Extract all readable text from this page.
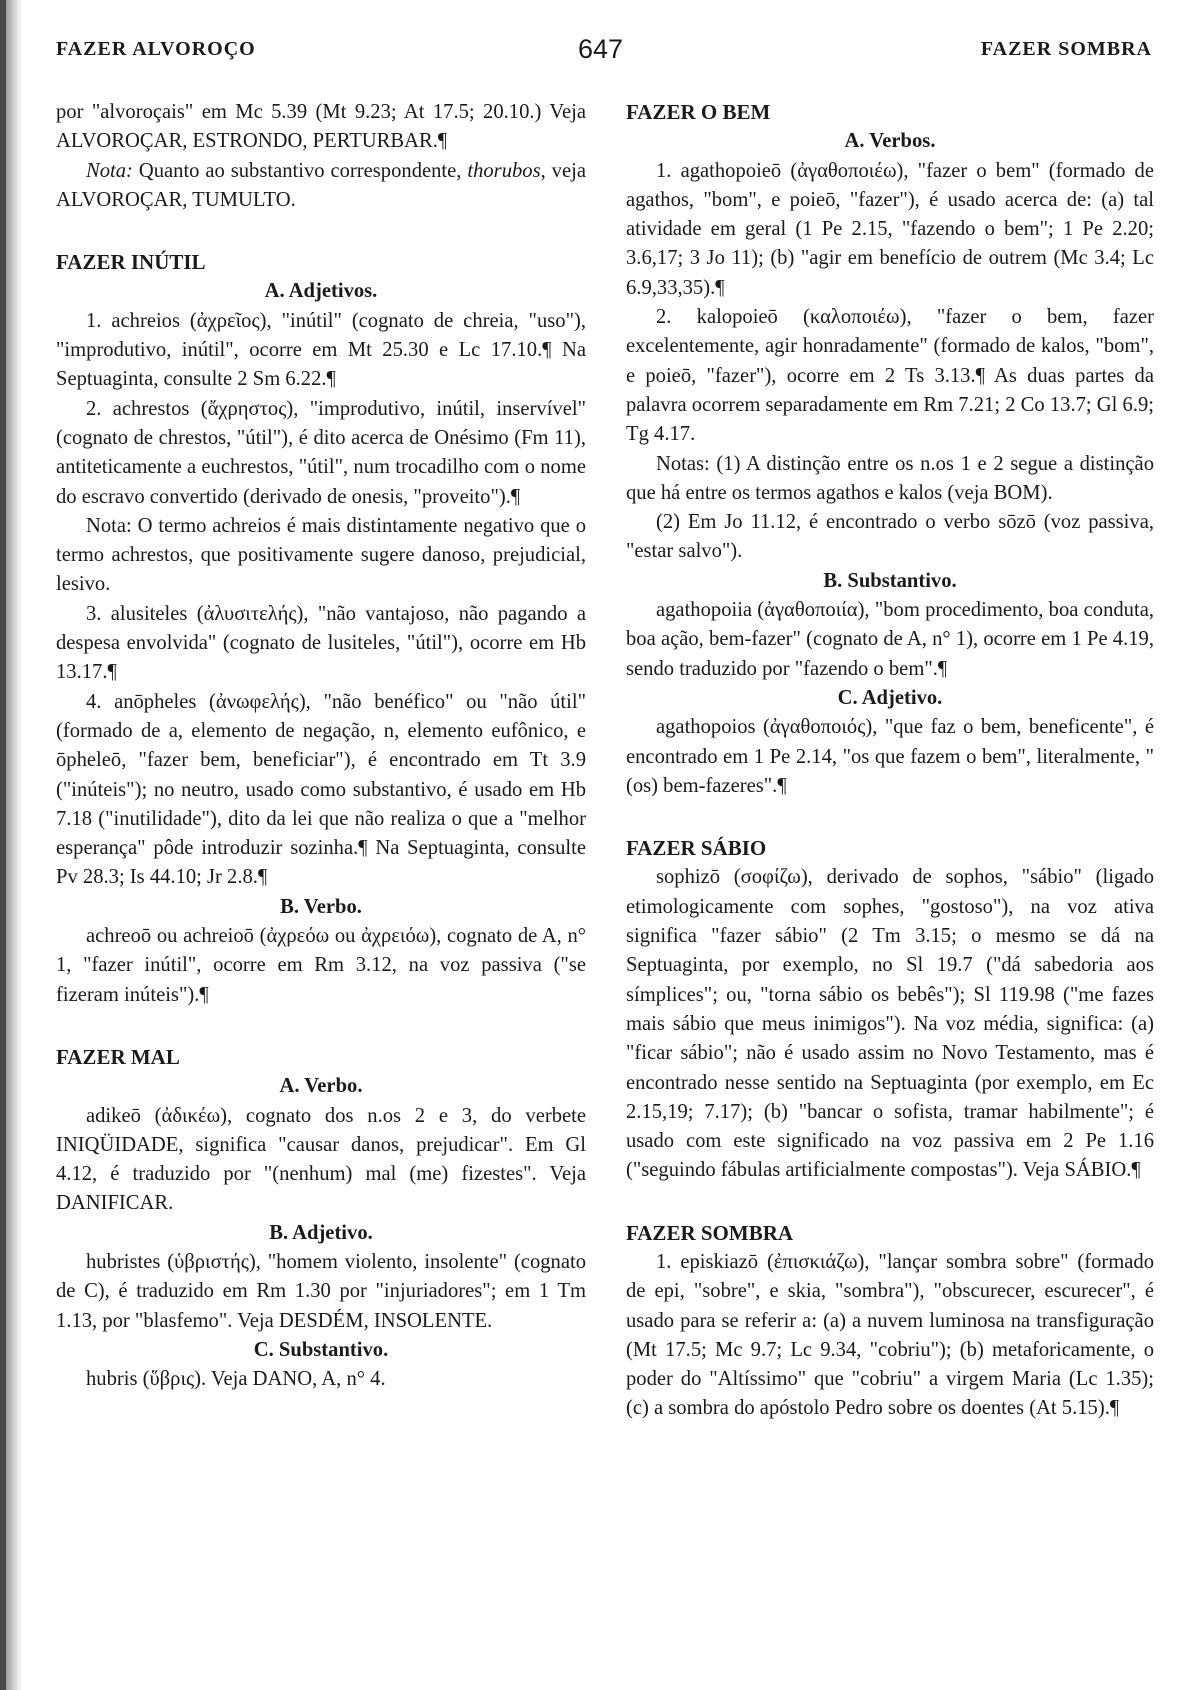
FAZER ALVOROÇO	647	FAZER SOMBRA

por "alvoroçais" em Mc 5.39 (Mt 9.23; At 17.5; 20.10.) Veja ALVOROÇAR, ESTRONDO, PERTURBAR.¶

Nota: Quanto ao substantivo correspondente, thorubos, veja ALVOROÇAR, TUMULTO.

FAZER INÚTIL

A. Adjetivos.

1. achreios (ἀχρεῖος), "inútil" (cognato de chreia, "uso"), "improdutivo, inútil", ocorre em Mt 25.30 e Lc 17.10.¶ Na Septuaginta, consulte 2 Sm 6.22.¶

2. achrestos (ἄχρηστος), "improdutivo, inútil, inservível" (cognato de chrestos, "útil"), é dito acerca de Onésimo (Fm 11), antiteticamente a euchrestos, "útil", num trocadilho com o nome do escravo convertido (derivado de onesis, "proveito").¶

Nota: O termo achreios é mais distintamente negativo que o termo achrestos, que positivamente sugere danoso, prejudicial, lesivo.

3. alusiteles (ἀλυσιτελής), "não vantajoso, não pagando a despesa envolvida" (cognato de lusiteles, "útil"), ocorre em Hb 13.17.¶

4. anōpheles (ἀνωφελής), "não benéfico" ou "não útil" (formado de a, elemento de negação, n, elemento eufônico, e ōpheleō, "fazer bem, beneficiar"), é encontrado em Tt 3.9 ("inúteis"); no neutro, usado como substantivo, é usado em Hb 7.18 ("inutilidade"), dito da lei que não realiza o que a "melhor esperança" pôde introduzir sozinha.¶ Na Septuaginta, consulte Pv 28.3; Is 44.10; Jr 2.8.¶

B. Verbo.

achreoō ou achreioō (ἀχρεόω ou ἀχρειόω), cognato de A, n° 1, "fazer inútil", ocorre em Rm 3.12, na voz passiva ("se fizeram inúteis").¶

FAZER MAL

A. Verbo.

adikeō (ἀδικέω), cognato dos n.os 2 e 3, do verbete INIQÜIDADE, significa "causar danos, prejudicar". Em Gl 4.12, é traduzido por "(nenhum) mal (me) fizestes". Veja DANIFICAR.

B. Adjetivo.

hubristes (ὑβριστής), "homem violento, insolente" (cognato de C), é traduzido em Rm 1.30 por "injuriadores"; em 1 Tm 1.13, por "blasfemo". Veja DESDÉM, INSOLENTE.

C. Substantivo.

hubris (ὕβρις). Veja DANO, A, n° 4.

FAZER O BEM

A. Verbos.

1. agathopoieō (ἀγαθοποιέω), "fazer o bem" (formado de agathos, "bom", e poieō, "fazer"), é usado acerca de: (a) tal atividade em geral (1 Pe 2.15, "fazendo o bem"; 1 Pe 2.20; 3.6,17; 3 Jo 11); (b) "agir em benefício de outrem (Mc 3.4; Lc 6.9,33,35).¶

2. kalopoieō (καλοποιέω), "fazer o bem, fazer excelentemente, agir honradamente" (formado de kalos, "bom", e poieō, "fazer"), ocorre em 2 Ts 3.13.¶ As duas partes da palavra ocorrem separadamente em Rm 7.21; 2 Co 13.7; Gl 6.9; Tg 4.17.

Notas: (1) A distinção entre os n.os 1 e 2 segue a distinção que há entre os termos agathos e kalos (veja BOM).

(2) Em Jo 11.12, é encontrado o verbo sōzō (voz passiva, "estar salvo").

B. Substantivo.

agathopoiia (ἀγαθοποιία), "bom procedimento, boa conduta, boa ação, bem-fazer" (cognato de A, n° 1), ocorre em 1 Pe 4.19, sendo traduzido por "fazendo o bem".¶

C. Adjetivo.

agathopoios (ἀγαθοποιός), "que faz o bem, beneficente", é encontrado em 1 Pe 2.14, "os que fazem o bem", literalmente, "(os) bem-fazeres".¶

FAZER SÁBIO

sophizō (σοφίζω), derivado de sophos, "sábio" (ligado etimologicamente com sophes, "gostoso"), na voz ativa significa "fazer sábio" (2 Tm 3.15; o mesmo se dá na Septuaginta, por exemplo, no Sl 19.7 ("dá sabedoria aos símplices"; ou, "torna sábio os bebês"); Sl 119.98 ("me fazes mais sábio que meus inimigos"). Na voz média, significa: (a) "ficar sábio"; não é usado assim no Novo Testamento, mas é encontrado nesse sentido na Septuaginta (por exemplo, em Ec 2.15,19; 7.17); (b) "bancar o sofista, tramar habilmente"; é usado com este significado na voz passiva em 2 Pe 1.16 ("seguindo fábulas artificialmente compostas"). Veja SÁBIO.¶

FAZER SOMBRA

1. episkiazō (ἐπισκιάζω), "lançar sombra sobre" (formado de epi, "sobre", e skia, "sombra"), "obscurecer, escurecer", é usado para se referir a: (a) a nuvem luminosa na transfiguração (Mt 17.5; Mc 9.7; Lc 9.34, "cobriu"); (b) metaforicamente, o poder do "Altíssimo" que "cobriu" a virgem Maria (Lc 1.35); (c) a sombra do apóstolo Pedro sobre os doentes (At 5.15).¶
